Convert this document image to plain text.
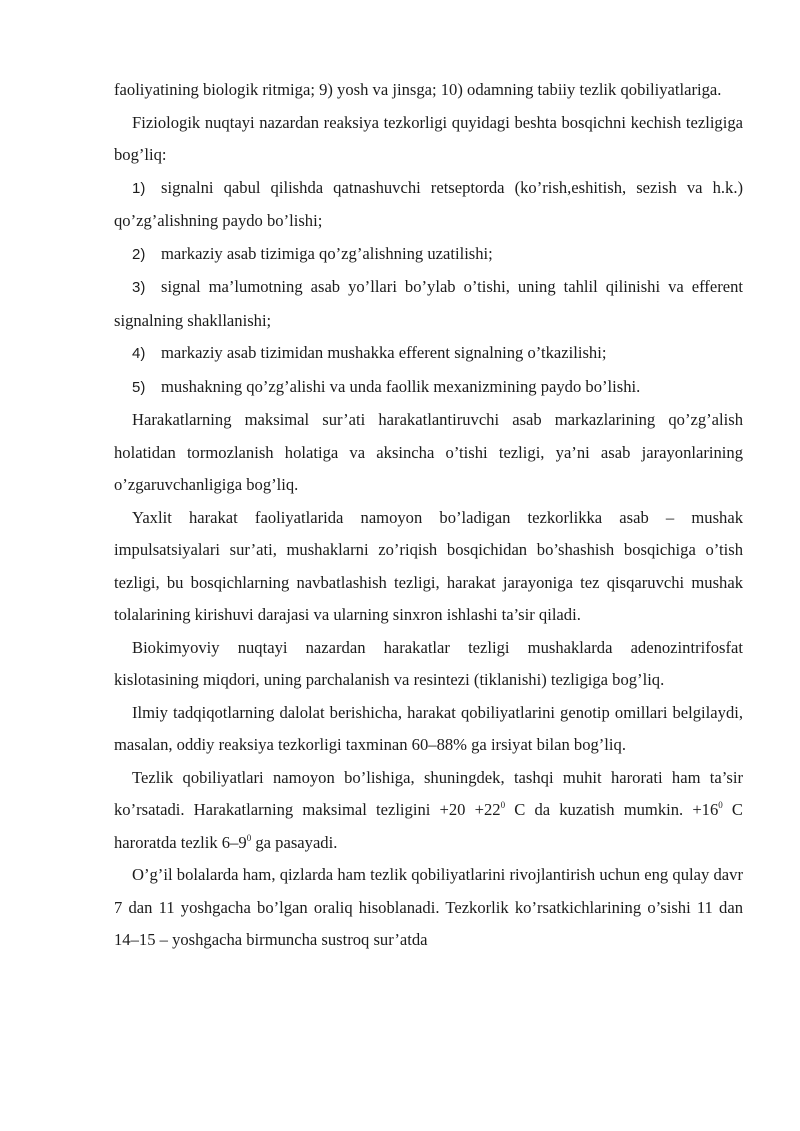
faoliyatining biologik ritmiga; 9) yosh va jinsga; 10) odamning tabiiy tezlik qobiliyatlariga.

Fiziologik nuqtayi nazardan reaksiya tezkorligi quyidagi beshta bosqichni kechish tezligiga bog’liq:

1) signalni qabul qilishda qatnashuvchi retseptorda (ko’rish,eshitish, sezish va h.k.) qo’zg’alishning paydo bo’lishi;

2) markaziy asab tizimiga qo’zg’alishning uzatilishi;

3) signal ma’lumotning asab yo’llari bo’ylab o’tishi, uning tahlil qilinishi va efferent signalning shakllanishi;

4) markaziy asab tizimidan mushakka efferent signalning o’tkazilishi;

5) mushakning qo’zg’alishi va unda faollik mexanizmining paydo bo’lishi.

Harakatlarning maksimal sur’ati harakatlantiruvchi asab markazlarining qo’zg’alish holatidan tormozlanish holatiga va aksincha o’tishi tezligi, ya’ni asab jarayonlarining o’zgaruvchanligiga bog’liq.

Yaxlit harakat faoliyatlarida namoyon bo’ladigan tezkorlikka asab – mushak impulsatsiyalari sur’ati, mushaklarni zo’riqish bosqichidan bo’shashish bosqichiga o’tish tezligi, bu bosqichlarning navbatlashish tezligi, harakat jarayoniga tez qisqaruvchi mushak tolalarining kirishuvi darajasi va ularning sinxron ishlashi ta’sir qiladi.

Biokimyoviy nuqtayi nazardan harakatlar tezligi mushaklarda adenozintrifosfat kislotasining miqdori, uning parchalanish va resintezi (tiklanishi) tezligiga bog’liq.

Ilmiy tadqiqotlarning dalolat berishicha, harakat qobiliyatlarini genotip omillari belgilaydi, masalan, oddiy reaksiya tezkorligi taxminan 60–88% ga irsiyat bilan bog’liq.

Tezlik qobiliyatlari namoyon bo’lishiga, shuningdek, tashqi muhit harorati ham ta’sir ko’rsatadi. Harakatlarning maksimal tezligini $+20 +22^0$ C da kuzatish mumkin. $+16^0$ C haroratda tezlik $6-9^0$ ga pasayadi.

O’g’il bolalarda ham, qizlarda ham tezlik qobiliyatlarini rivojlantirish uchun eng qulay davr 7 dan 11 yoshgacha bo’lgan oraliq hisoblanadi. Tezkorlik ko’rsatkichlarining o’sishi 11 dan 14–15 – yoshgacha birmuncha sustroq sur’atda
